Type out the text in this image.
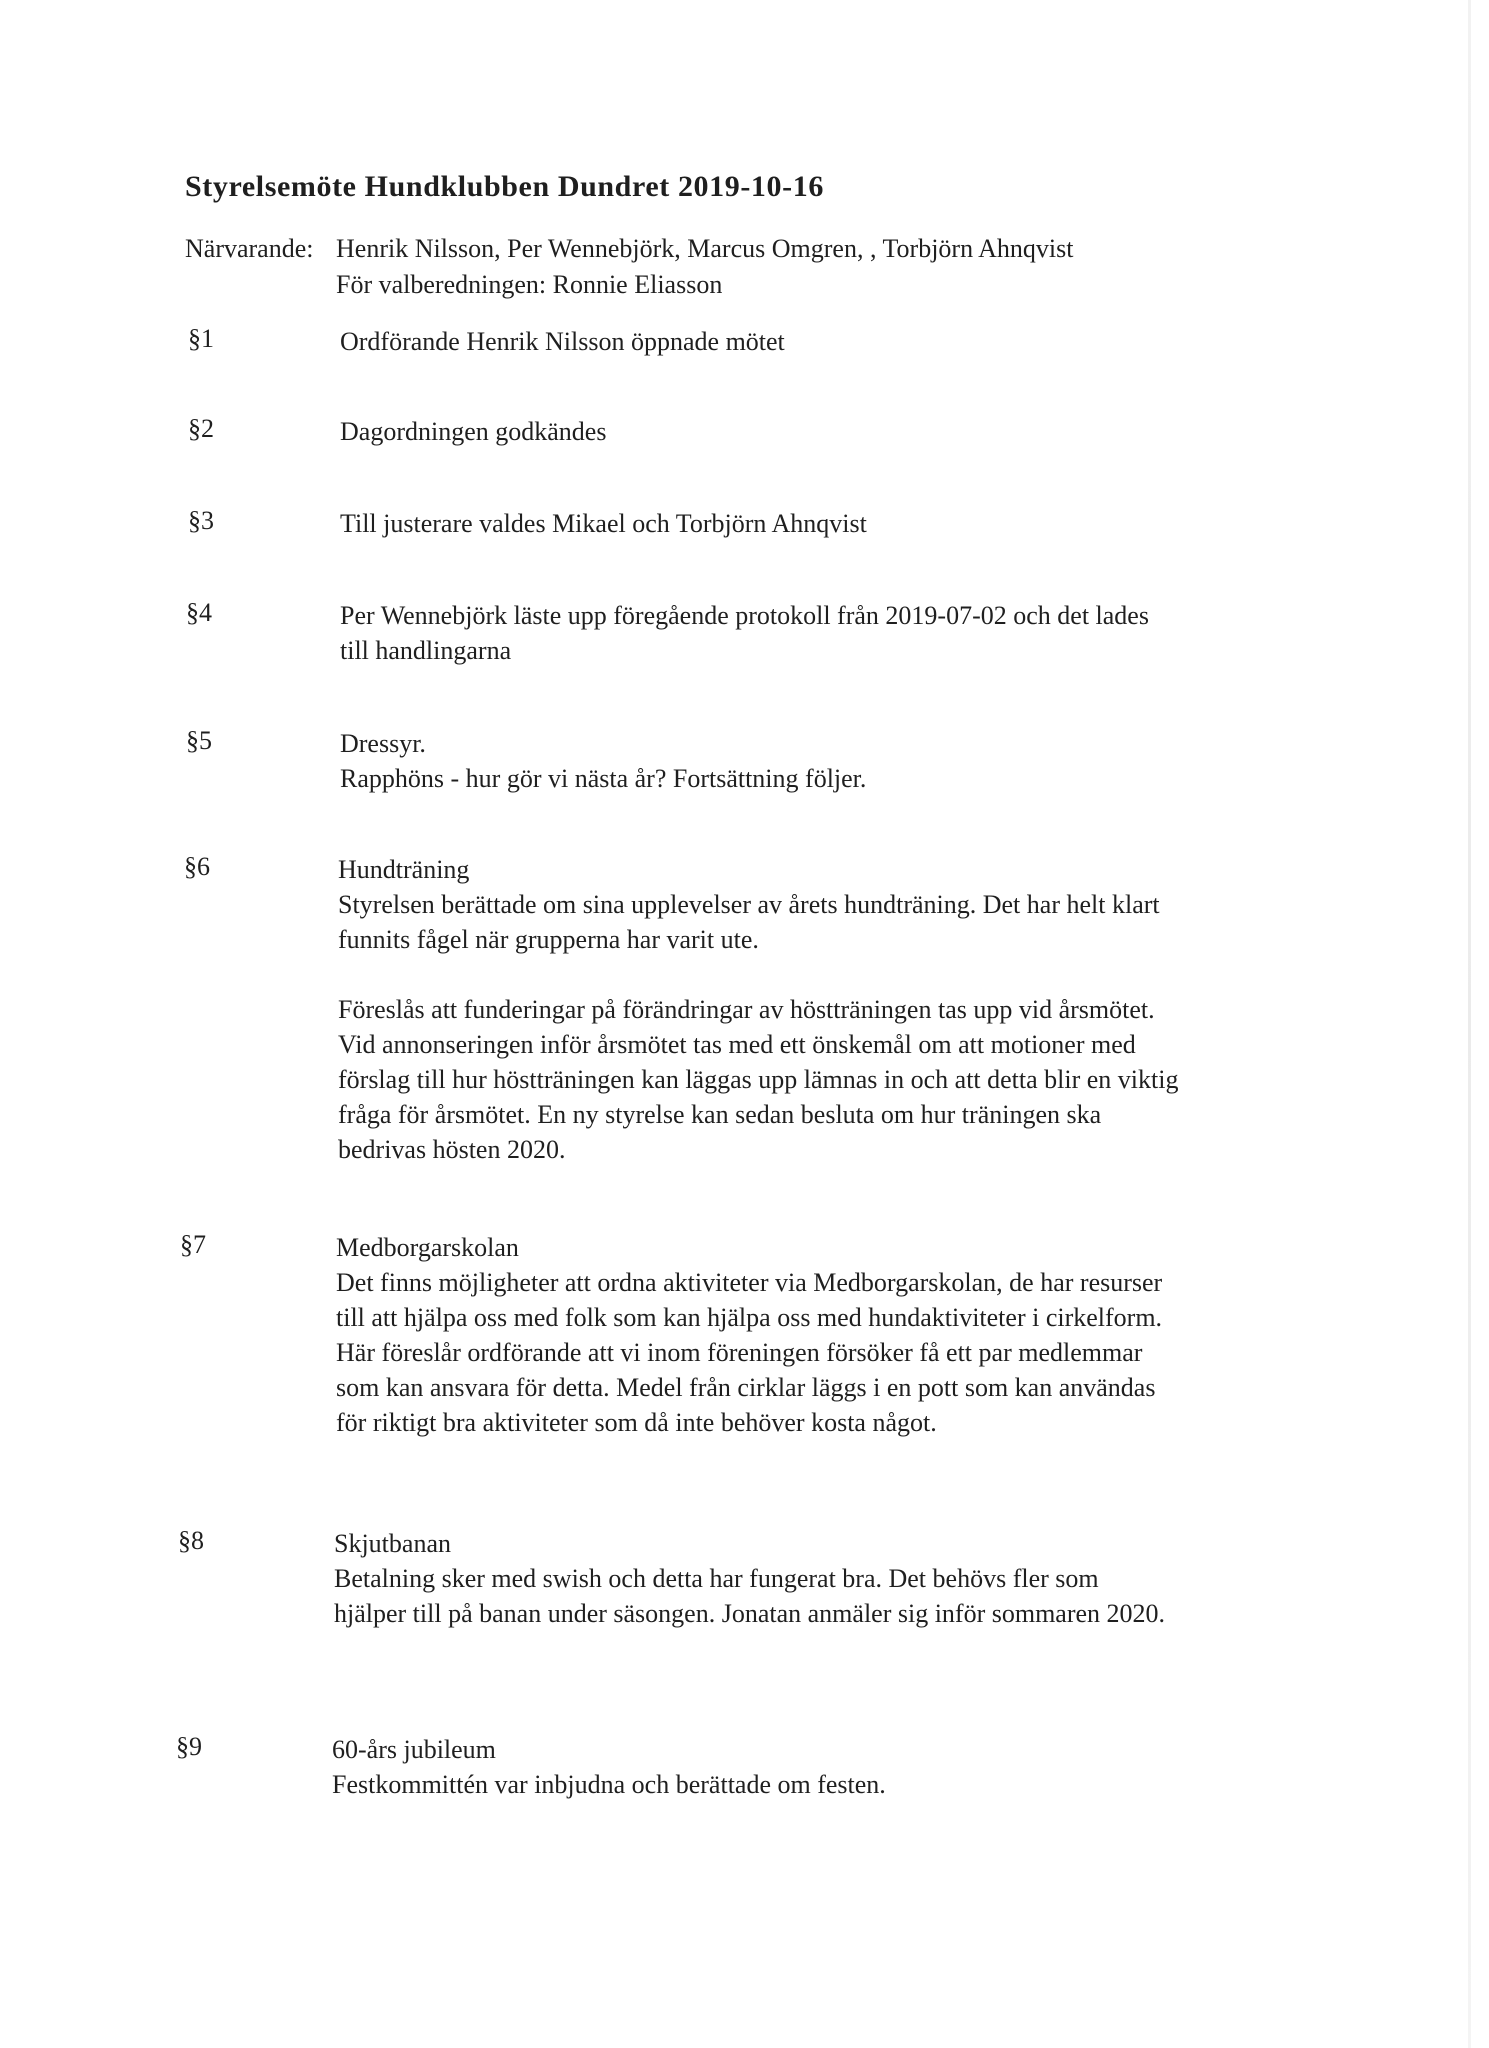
Styrelsemöte Hundklubben Dundret 2019-10-16
Närvarande: Henrik Nilsson, Per Wennebjörk, Marcus Omgren, , Torbjörn Ahnqvist
För valberedningen: Ronnie Eliasson
§1	Ordförande Henrik Nilsson öppnade mötet
§2	Dagordningen godkändes
§3	Till justerare valdes Mikael och Torbjörn Ahnqvist
§4	Per Wennebjörk läste upp föregående protokoll från 2019-07-02 och det lades
till handlingarna
§5	Dressyr.
Rapphöns - hur gör vi nästa år? Fortsättning följer.
§6	Hundträning
Styrelsen berättade om sina upplevelser av årets hundträning. Det har helt klart
funnits fågel när grupperna har varit ute.
Föreslås att funderingar på förändringar av höstträningen tas upp vid årsmötet.
Vid annonseringen inför årsmötet tas med ett önskemål om att motioner med
förslag till hur höstträningen kan läggas upp lämnas in och att detta blir en viktig
fråga för årsmötet. En ny styrelse kan sedan besluta om hur träningen ska
bedrivas hösten 2020.
§7	Medborgarskolan
Det finns möjligheter att ordna aktiviteter via Medborgarskolan, de har resurser
till att hjälpa oss med folk som kan hjälpa oss med hundaktiviteter i cirkelform.
Här föreslår ordförande att vi inom föreningen försöker få ett par medlemmar
som kan ansvara för detta. Medel från cirklar läggs i en pott som kan användas
för riktigt bra aktiviteter som då inte behöver kosta något.
§8	Skjutbanan
Betalning sker med swish och detta har fungerat bra. Det behövs fler som
hjälper till på banan under säsongen. Jonatan anmäler sig inför sommaren 2020.
§9	60-års jubileum
Festkommittén var inbjudna och berättade om festen.
